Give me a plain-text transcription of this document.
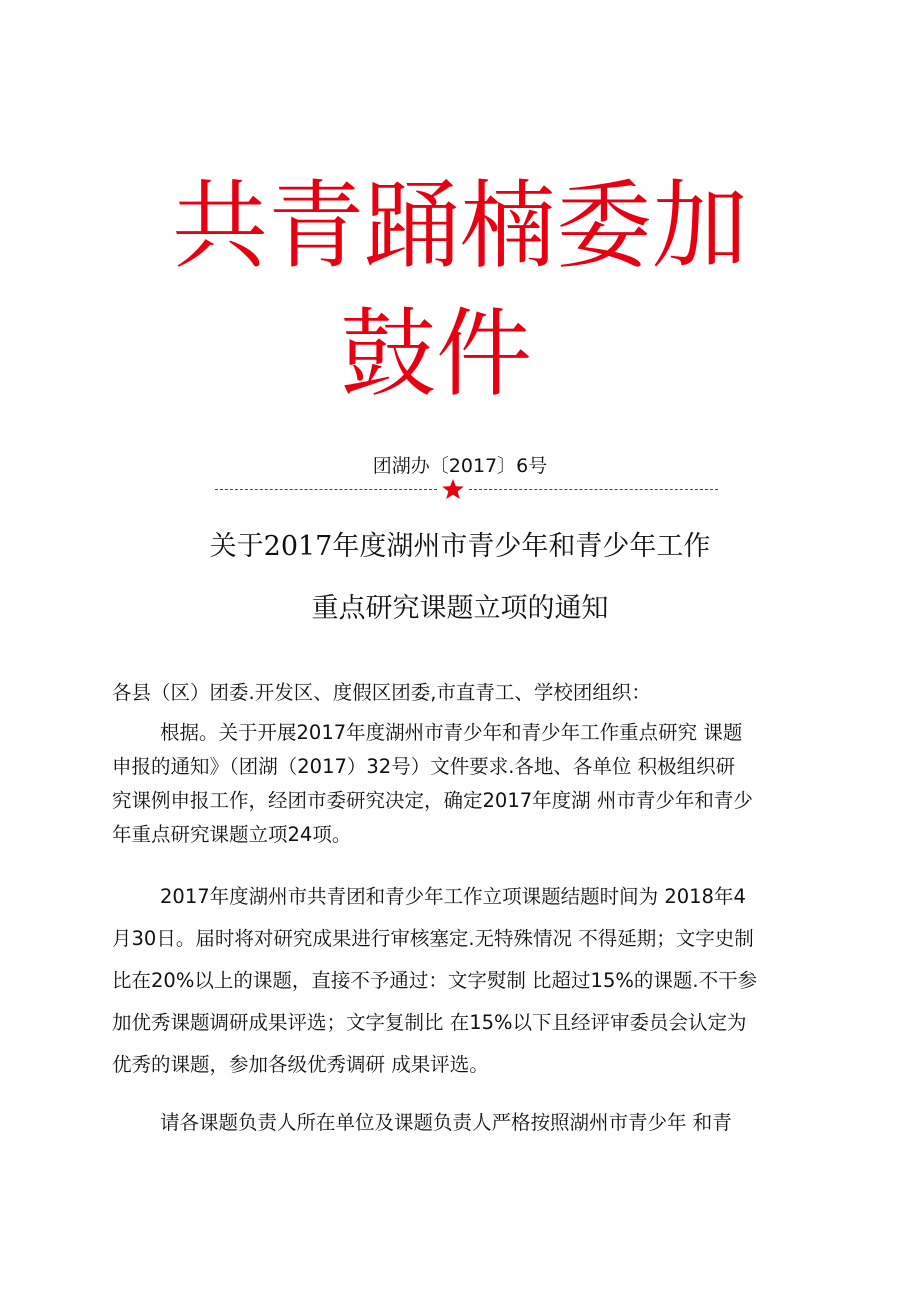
共青踊楠委加
鼓件
团湖办〔2017〕6号
关于2017年度湖州市青少年和青少年工作
重点研究课题立项的通知
各县（区）团委.开发区、度假区团委,市直青工、学校团组织：
根据。关于开展2017年度湖州市青少年和青少年工作重点研究 课题
申报的通知》（团湖（2017）32号）文件要求.各地、各单位 积极组织研
究课例申报工作，经团市委研究决定，确定2017年度湖 州市青少年和青少
年重点研究课题立项24项。
2017年度湖州市共青团和青少年工作立项课题结题时间为 2018年4
月30日。届时将对研究成果进行审核塞定.无特殊情况 不得延期；文字史制
比在20%以上的课题，直接不予通过：文字熨制 比超过15%的课题.不干参
加优秀课题调研成果评选；文字复制比 在15%以下且经评审委员会认定为
优秀的课题，参加各级优秀调研 成果评选。
请各课题负责人所在单位及课题负责人严格按照湖州市青少年 和青
